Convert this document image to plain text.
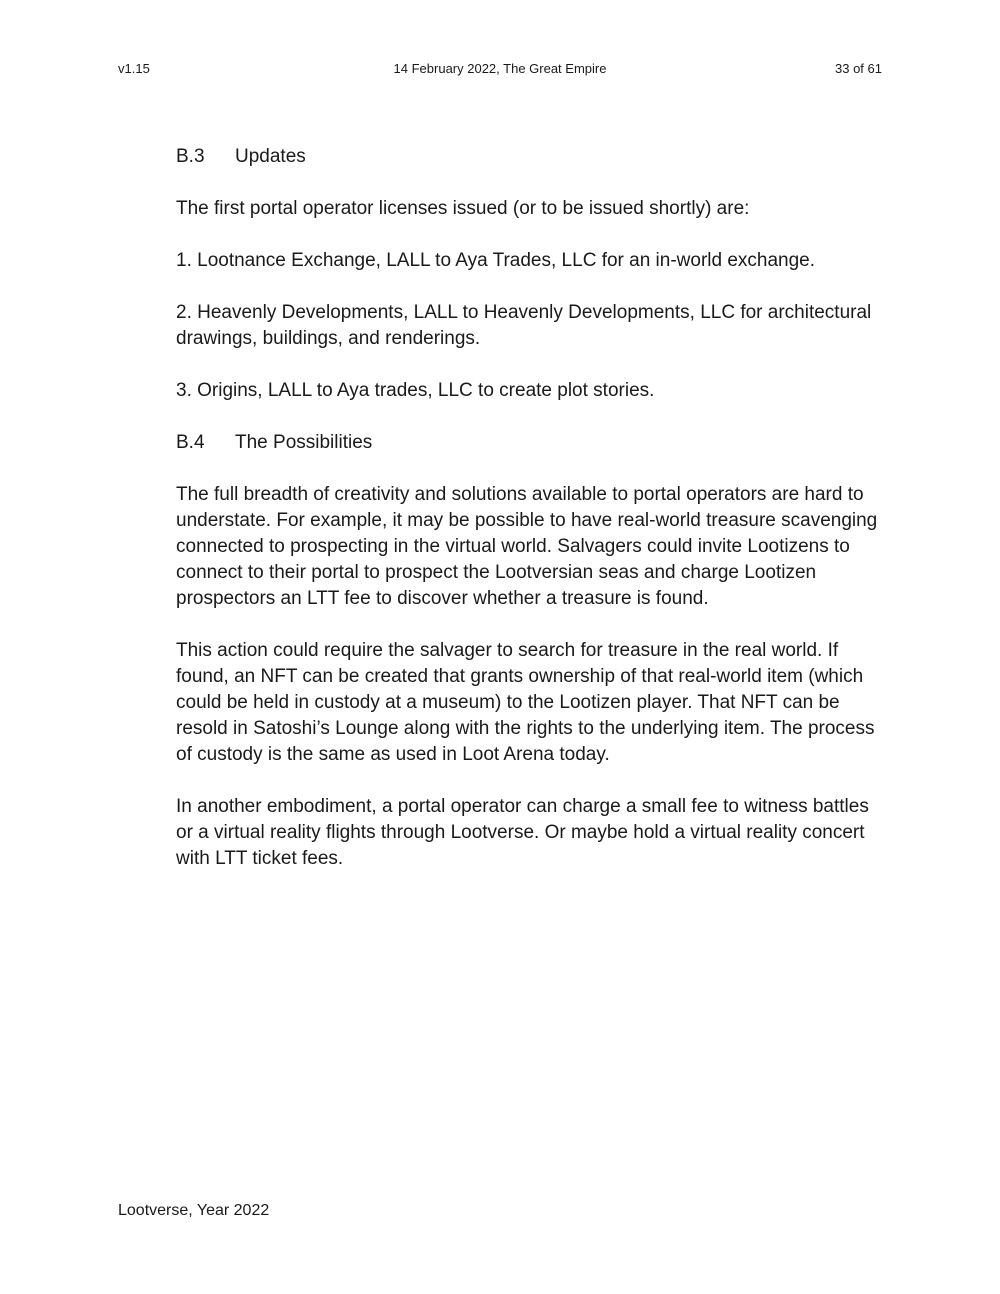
v1.15	14 February 2022, The Great Empire	33 of 61
B.3 Updates

The first portal operator licenses issued (or to be issued shortly) are:

1. Lootnance Exchange, LALL to Aya Trades, LLC for an in-world exchange.

2. Heavenly Developments, LALL to Heavenly Developments, LLC for architectural drawings, buildings, and renderings.

3. Origins, LALL to Aya trades, LLC to create plot stories.

B.4 The Possibilities

The full breadth of creativity and solutions available to portal operators are hard to understate. For example, it may be possible to have real-world treasure scavenging connected to prospecting in the virtual world. Salvagers could invite Lootizens to connect to their portal to prospect the Lootversian seas and charge Lootizen prospectors an LTT fee to discover whether a treasure is found.

This action could require the salvager to search for treasure in the real world. If found, an NFT can be created that grants ownership of that real-world item (which could be held in custody at a museum) to the Lootizen player. That NFT can be resold in Satoshi’s Lounge along with the rights to the underlying item. The process of custody is the same as used in Loot Arena today.

In another embodiment, a portal operator can charge a small fee to witness battles or a virtual reality flights through Lootverse. Or maybe hold a virtual reality concert with LTT ticket fees.

Lootverse, Year 2022
